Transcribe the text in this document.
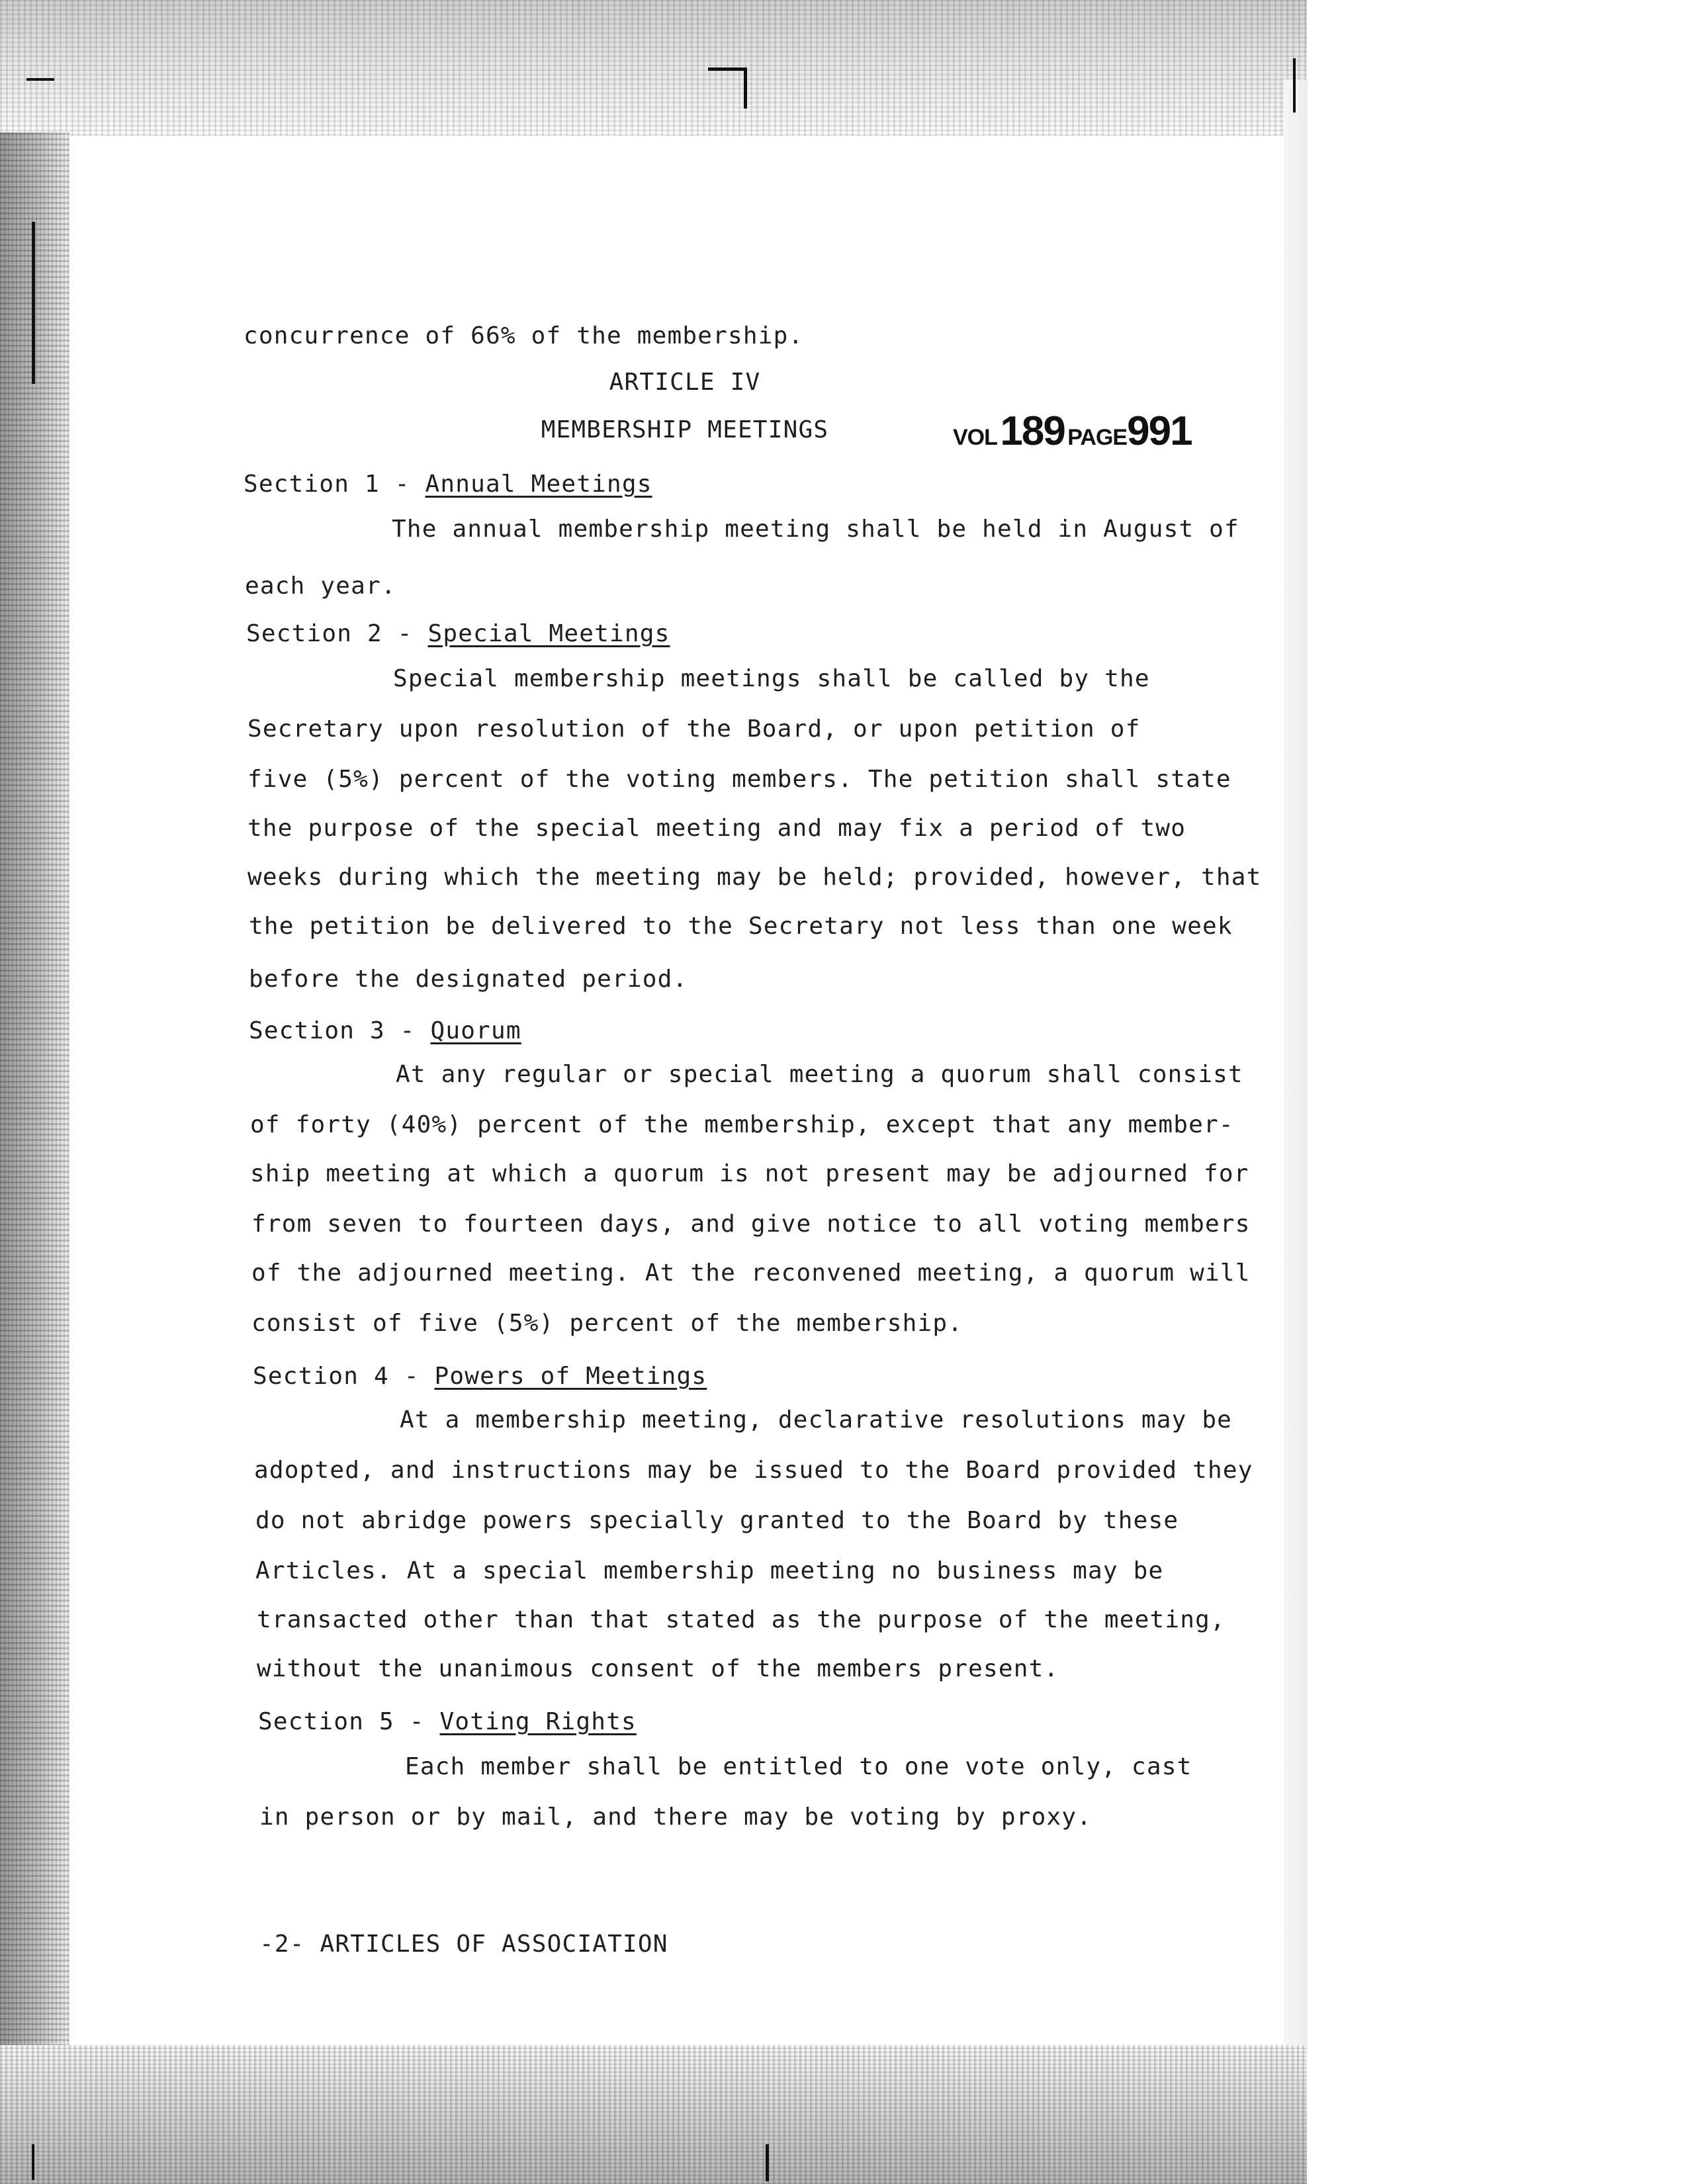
concurrence of 66% of the membership.
ARTICLE IV
MEMBERSHIP MEETINGS	VOL 189 PAGE991
Section 1 - Annual Meetings
The annual membership meeting shall be held in August of
each year.
Section 2 - Special Meetings
Special membership meetings shall be called by the
Secretary upon resolution of the Board, or upon petition of
five (5%) percent of the voting members. The petition shall state
the purpose of the special meeting and may fix a period of two
weeks during which the meeting may be held; provided, however, that
the petition be delivered to the Secretary not less than one week
before the designated period.
Section 3 - Quorum
At any regular or special meeting a quorum shall consist
of forty (40%) percent of the membership, except that any member-
ship meeting at which a quorum is not present may be adjourned for
from seven to fourteen days, and give notice to all voting members
of the adjourned meeting. At the reconvened meeting, a quorum will
consist of five (5%) percent of the membership.
Section 4 - Powers of Meetings
At a membership meeting, declarative resolutions may be
adopted, and instructions may be issued to the Board provided they
do not abridge powers specially granted to the Board by these
Articles. At a special membership meeting no business may be
transacted other than that stated as the purpose of the meeting,
without the unanimous consent of the members present.
Section 5 - Voting Rights
Each member shall be entitled to one vote only, cast
in person or by mail, and there may be voting by proxy.
-2- ARTICLES OF ASSOCIATION
